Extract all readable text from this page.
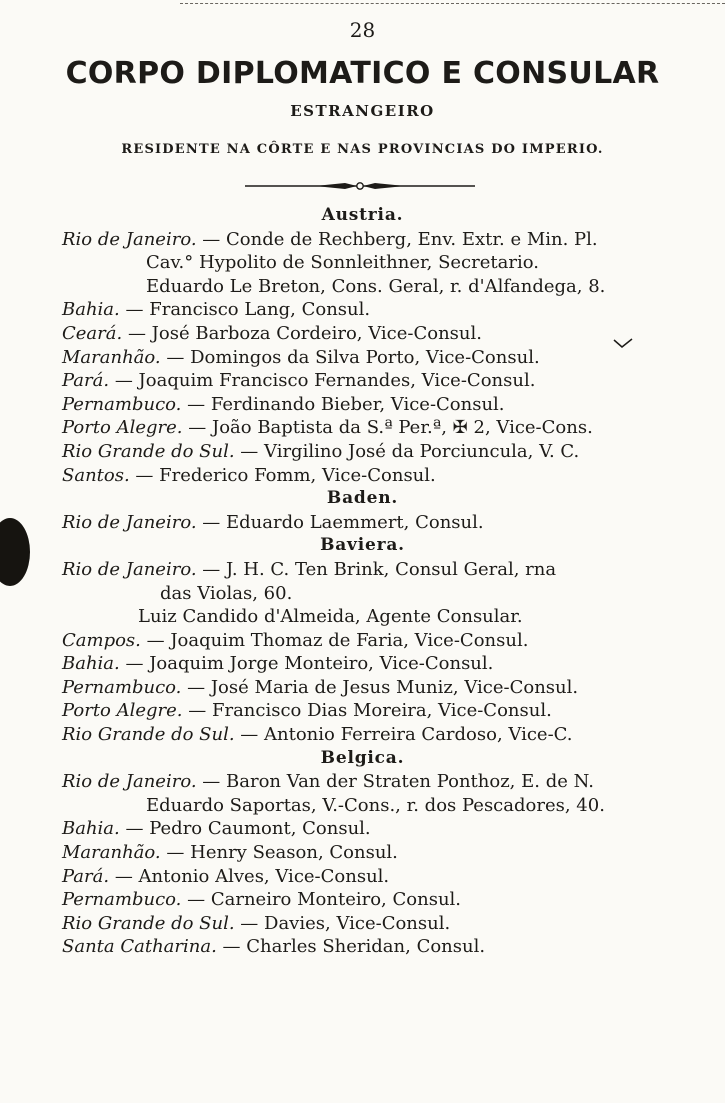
28
CORPO DIPLOMATICO E CONSULAR
ESTRANGEIRO
RESIDENTE NA CÔRTE E NAS PROVINCIAS DO IMPERIO.
Austria.
Rio de Janeiro. — Conde de Rechberg, Env. Extr. e Min. Pl.
Cav.° Hypolito de Sonnleithner, Secretario.
Eduardo Le Breton, Cons. Geral, r. d'Alfandega, 8.
Bahia. — Francisco Lang, Consul.
Ceará. — José Barboza Cordeiro, Vice-Consul.
Maranhão. — Domingos da Silva Porto, Vice-Consul.
Pará. — Joaquim Francisco Fernandes, Vice-Consul.
Pernambuco. — Ferdinando Bieber, Vice-Consul.
Porto Alegre. — João Baptista da S.ª Per.ª, ✠ 2, Vice-Cons.
Rio Grande do Sul. — Virgilino José da Porciuncula, V. C.
Santos. — Frederico Fomm, Vice-Consul.
Baden.
Rio de Janeiro. — Eduardo Laemmert, Consul.
Baviera.
Rio de Janeiro. — J. H. C. Ten Brink, Consul Geral, rna
das Violas, 60.
Luiz Candido d'Almeida, Agente Consular.
Campos. — Joaquim Thomaz de Faria, Vice-Consul.
Bahia. — Joaquim Jorge Monteiro, Vice-Consul.
Pernambuco. — José Maria de Jesus Muniz, Vice-Consul.
Porto Alegre. — Francisco Dias Moreira, Vice-Consul.
Rio Grande do Sul. — Antonio Ferreira Cardoso, Vice-C.
Belgica.
Rio de Janeiro. — Baron Van der Straten Ponthoz, E. de N.
Eduardo Saportas, V.-Cons., r. dos Pescadores, 40.
Bahia. — Pedro Caumont, Consul.
Maranhão. — Henry Season, Consul.
Pará. — Antonio Alves, Vice-Consul.
Pernambuco. — Carneiro Monteiro, Consul.
Rio Grande do Sul. — Davies, Vice-Consul.
Santa Catharina. — Charles Sheridan, Consul.
